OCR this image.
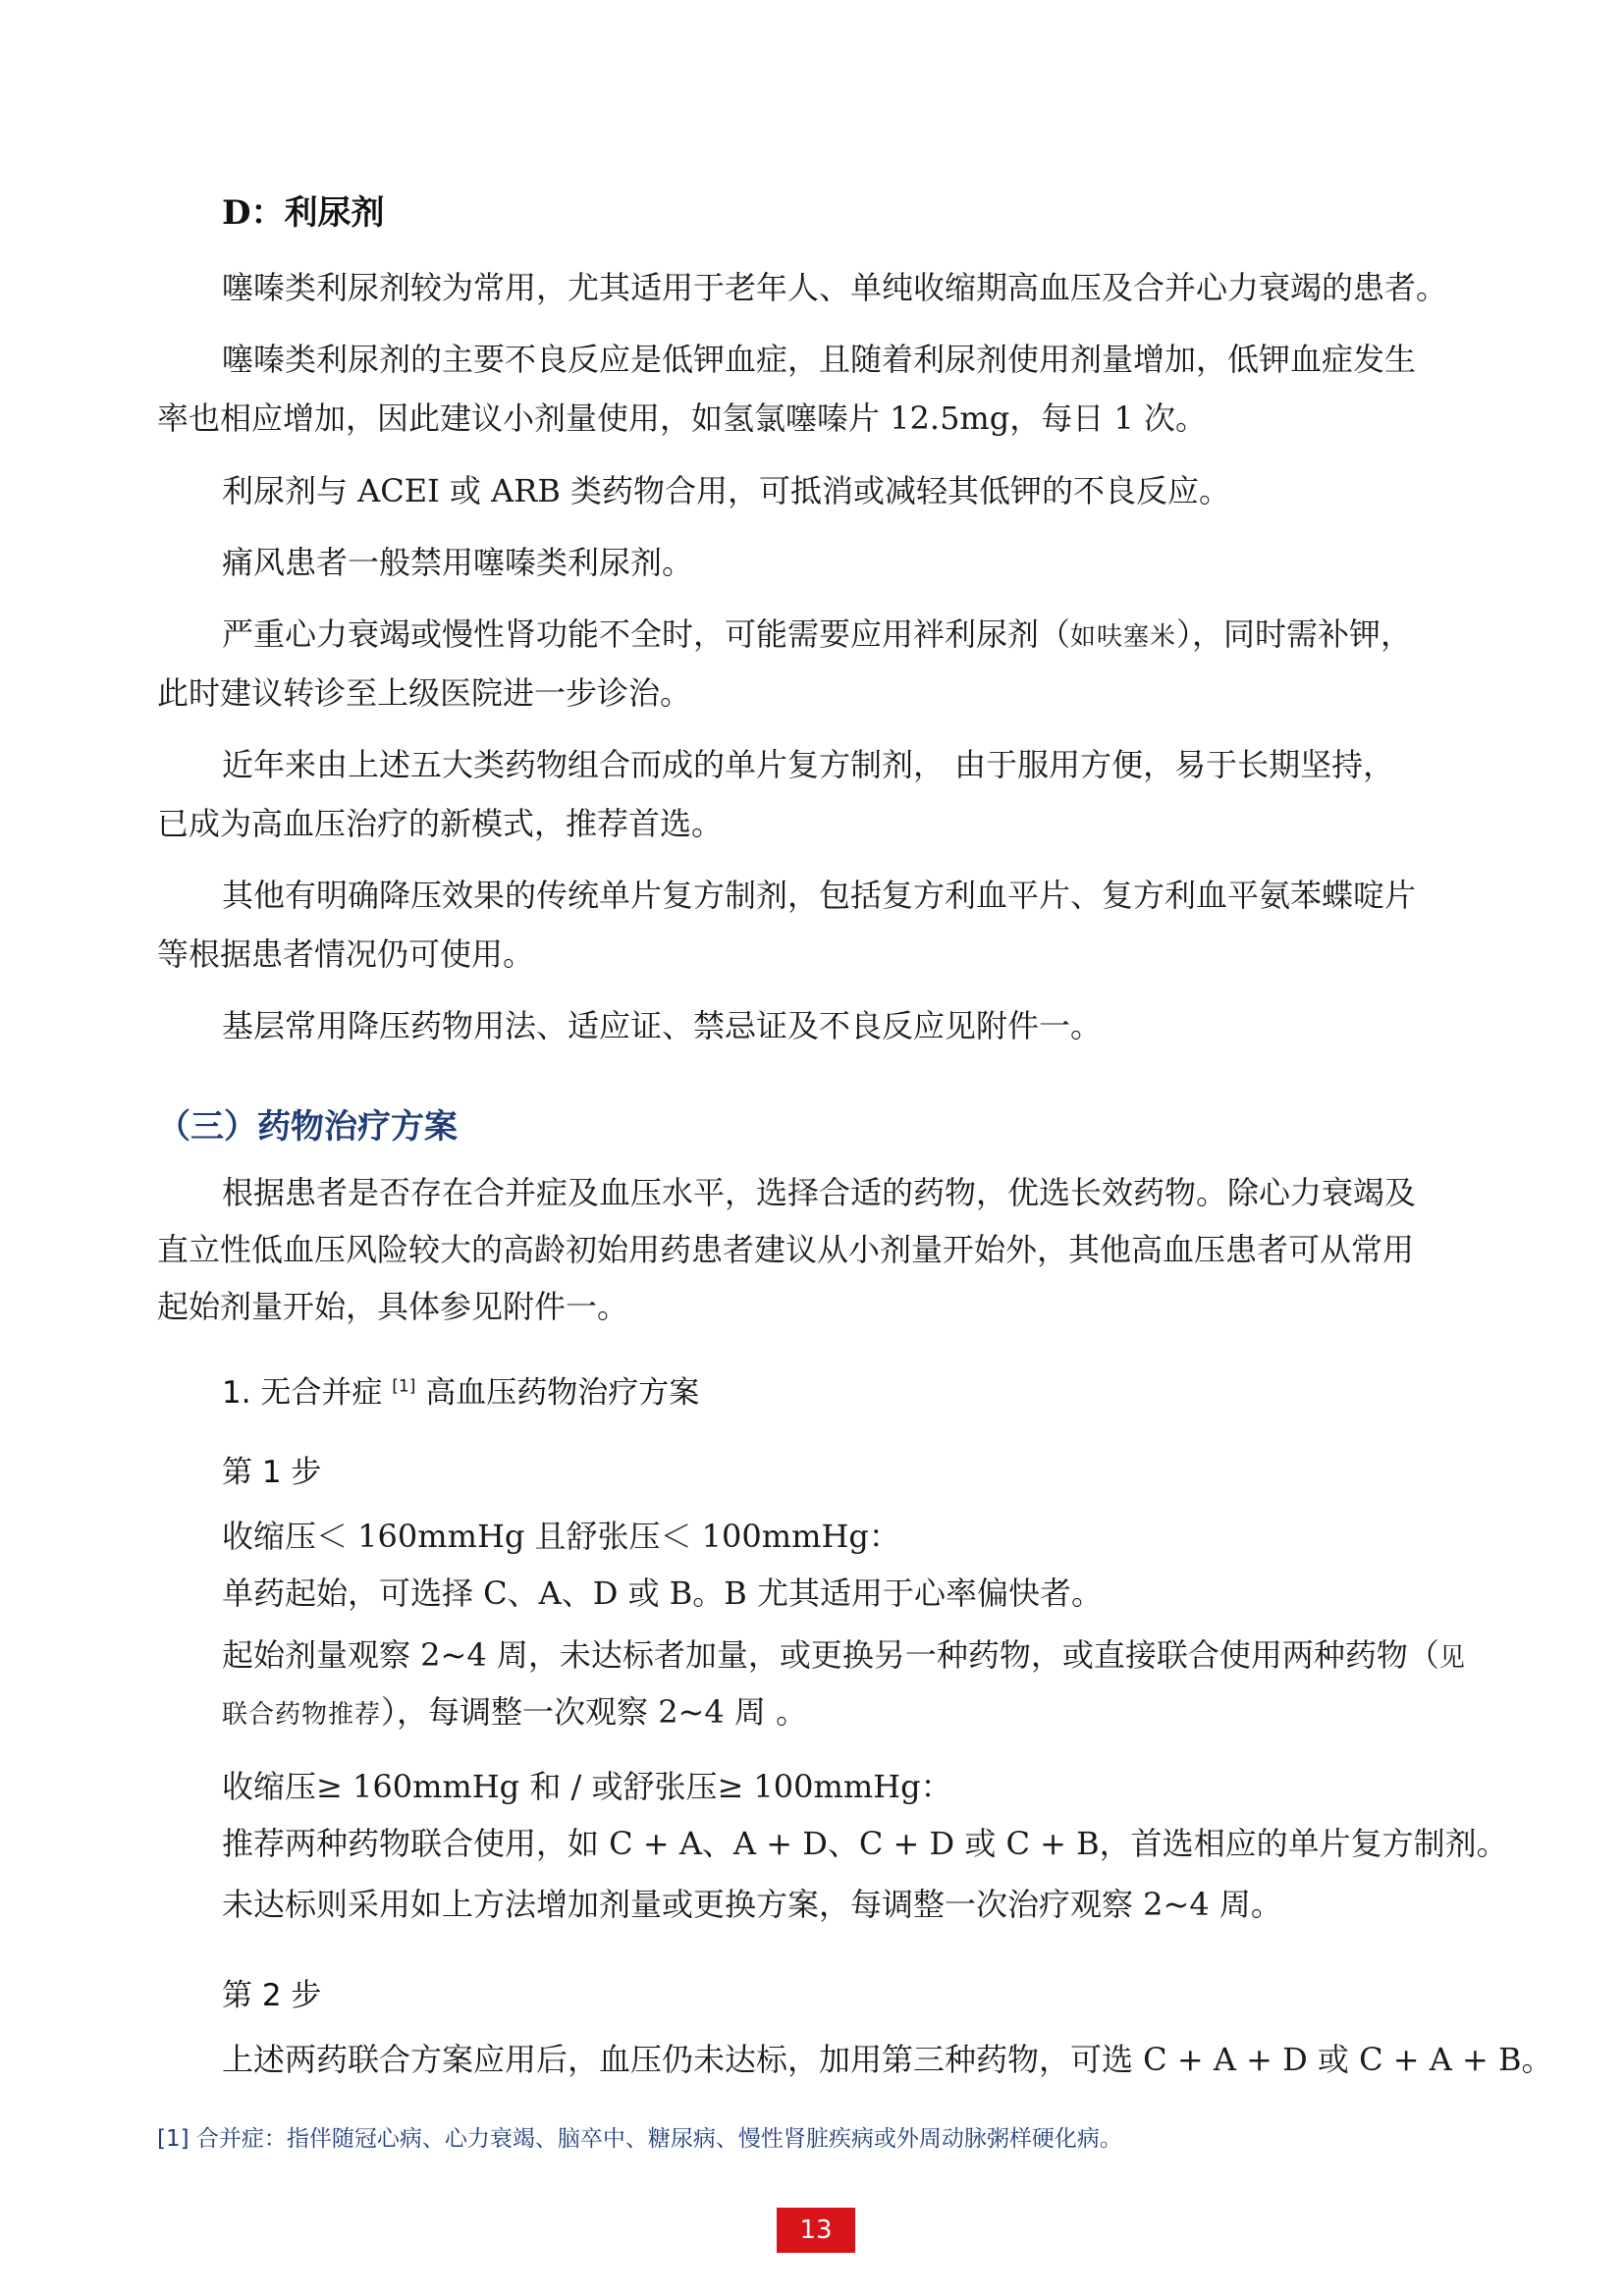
D：利尿剂
噻嗪类利尿剂较为常用，尤其适用于老年人、单纯收缩期高血压及合并心力衰竭的患者。
噻嗪类利尿剂的主要不良反应是低钾血症，且随着利尿剂使用剂量增加，低钾血症发生
率也相应增加，因此建议小剂量使用，如氢氯噻嗪片 12.5mg，每日 1 次。
利尿剂与 ACEI 或 ARB 类药物合用，可抵消或减轻其低钾的不良反应。
痛风患者一般禁用噻嗪类利尿剂。
严重心力衰竭或慢性肾功能不全时，可能需要应用袢利尿剂（如呋塞米），同时需补钾，
此时建议转诊至上级医院进一步诊治。
近年来由上述五大类药物组合而成的单片复方制剂， 由于服用方便，易于长期坚持，
已成为高血压治疗的新模式，推荐首选。
其他有明确降压效果的传统单片复方制剂，包括复方利血平片、复方利血平氨苯蝶啶片
等根据患者情况仍可使用。
基层常用降压药物用法、适应证、禁忌证及不良反应见附件一。
（三）药物治疗方案
根据患者是否存在合并症及血压水平，选择合适的药物，优选长效药物。除心力衰竭及
直立性低血压风险较大的高龄初始用药患者建议从小剂量开始外，其他高血压患者可从常用
起始剂量开始，具体参见附件一。
1. 无合并症 [1] 高血压药物治疗方案
第 1 步
收缩压＜ 160mmHg 且舒张压＜ 100mmHg：
单药起始，可选择 C、A、D 或 B。B 尤其适用于心率偏快者。
起始剂量观察 2~4 周，未达标者加量，或更换另一种药物，或直接联合使用两种药物（见
联合药物推荐），每调整一次观察 2~4 周 。
收缩压≥ 160mmHg 和 / 或舒张压≥ 100mmHg：
推荐两种药物联合使用，如 C + A、A + D、C + D 或 C + B，首选相应的单片复方制剂。
未达标则采用如上方法增加剂量或更换方案，每调整一次治疗观察 2~4 周。
第 2 步
上述两药联合方案应用后，血压仍未达标，加用第三种药物，可选 C + A + D 或 C + A + B。
[1] 合并症：指伴随冠心病、心力衰竭、脑卒中、糖尿病、慢性肾脏疾病或外周动脉粥样硬化病。
13
